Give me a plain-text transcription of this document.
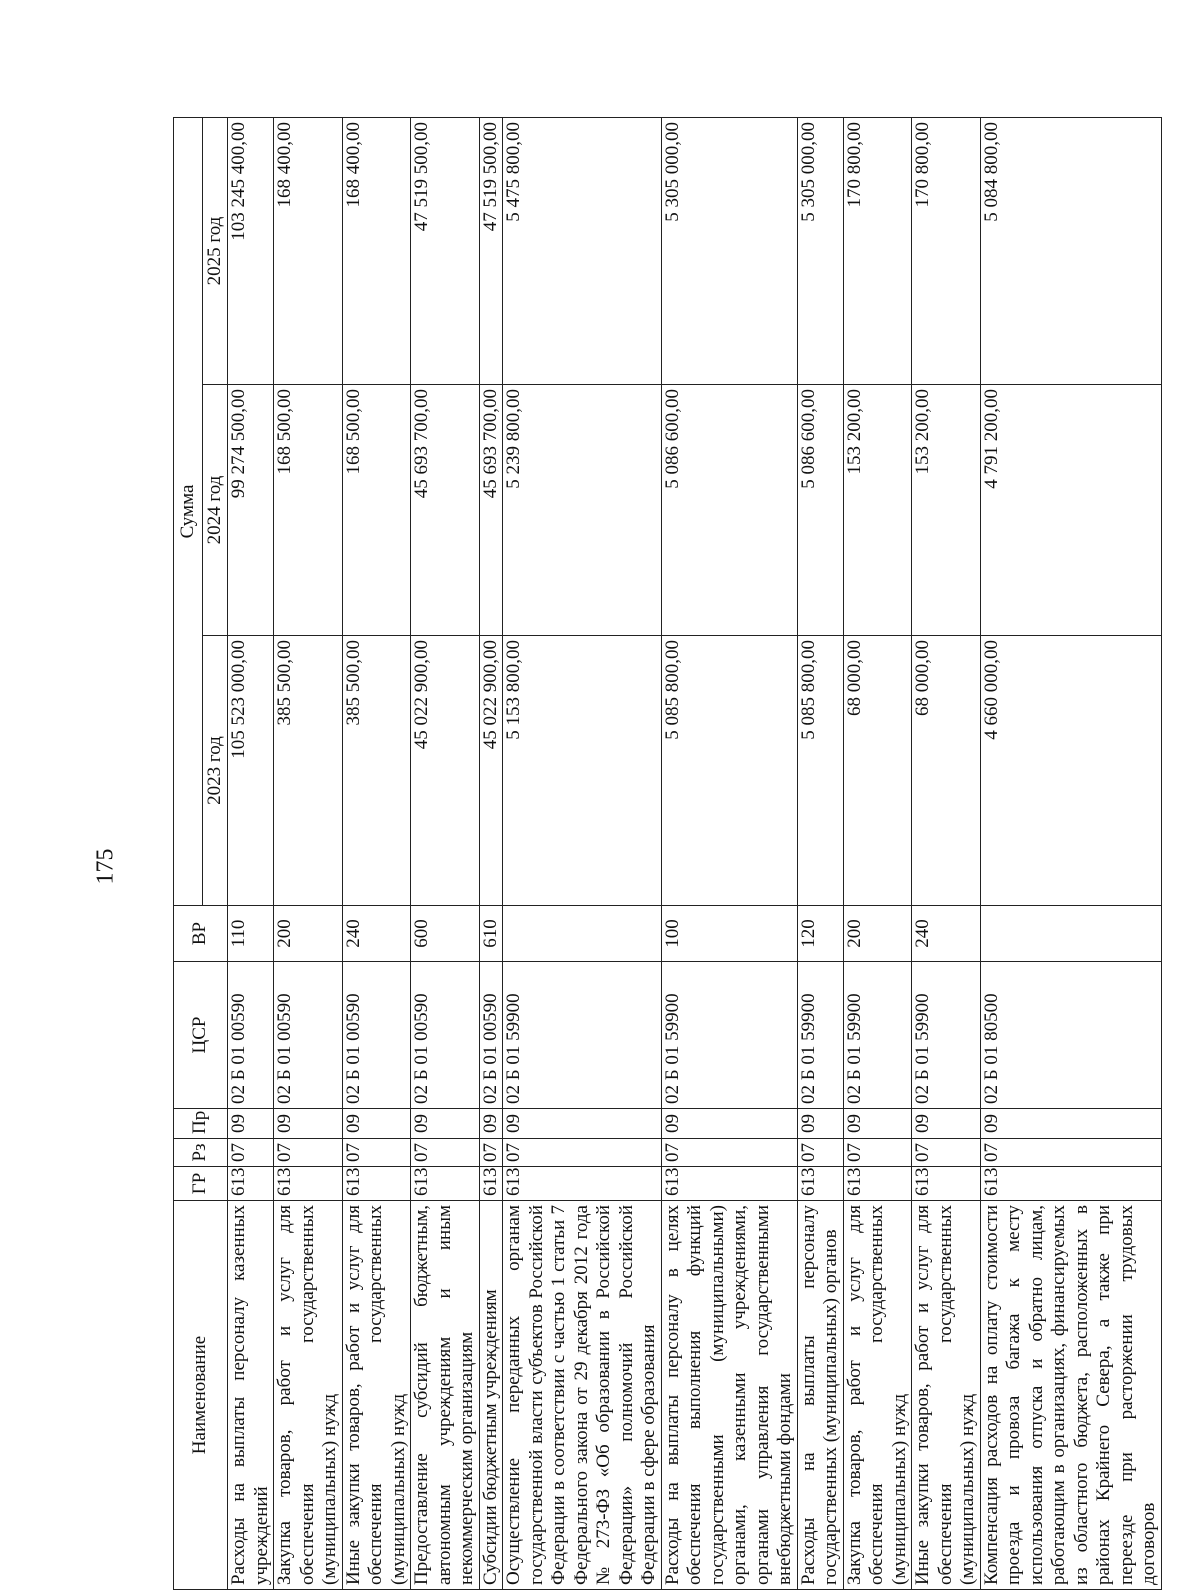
175
Наименование	ГР	Рз	Пр	ЦСР	ВР	Сумма		
						2023 год	2024 год	2025 год
Расходы на выплаты персоналу казенных учреждений	613	07	09	02 Б 01 00590	110	105 523 000,00	99 274 500,00	103 245 400,00
Закупка товаров, работ и услуг для обеспечения государственных (муниципальных) нужд	613	07	09	02 Б 01 00590	200	385 500,00	168 500,00	168 400,00
Иные закупки товаров, работ и услуг для обеспечения государственных (муниципальных) нужд	613	07	09	02 Б 01 00590	240	385 500,00	168 500,00	168 400,00
Предоставление субсидий бюджетным, автономным учреждениям и иным некоммерческим организациям	613	07	09	02 Б 01 00590	600	45 022 900,00	45 693 700,00	47 519 500,00
Субсидии бюджетным учреждениям	613	07	09	02 Б 01 00590	610	45 022 900,00	45 693 700,00	47 519 500,00
Осуществление переданных органам государственной власти субъектов Российской Федерации в соответствии с частью 1 статьи 7 Федерального закона от 29 декабря 2012 года № 273-ФЗ «Об образовании в Российской Федерации» полномочий Российской Федерации в сфере образования	613	07	09	02 Б 01 59900		5 153 800,00	5 239 800,00	5 475 800,00
Расходы на выплаты персоналу в целях обеспечения выполнения функций государственными (муниципальными) органами, казенными учреждениями, органами управления государственными внебюджетными фондами	613	07	09	02 Б 01 59900	100	5 085 800,00	5 086 600,00	5 305 000,00
Расходы на выплаты персоналу государственных (муниципальных) органов	613	07	09	02 Б 01 59900	120	5 085 800,00	5 086 600,00	5 305 000,00
Закупка товаров, работ и услуг для обеспечения государственных (муниципальных) нужд	613	07	09	02 Б 01 59900	200	68 000,00	153 200,00	170 800,00
Иные закупки товаров, работ и услуг для обеспечения государственных (муниципальных) нужд	613	07	09	02 Б 01 59900	240	68 000,00	153 200,00	170 800,00
Компенсация расходов на оплату стоимости проезда и провоза багажа к месту использования отпуска и обратно лицам, работающим в организациях, финансируемых из областного бюджета, расположенных в районах Крайнего Севера, а также при переезде при расторжении трудовых договоров	613	07	09	02 Б 01 80500		4 660 000,00	4 791 200,00	5 084 800,00
